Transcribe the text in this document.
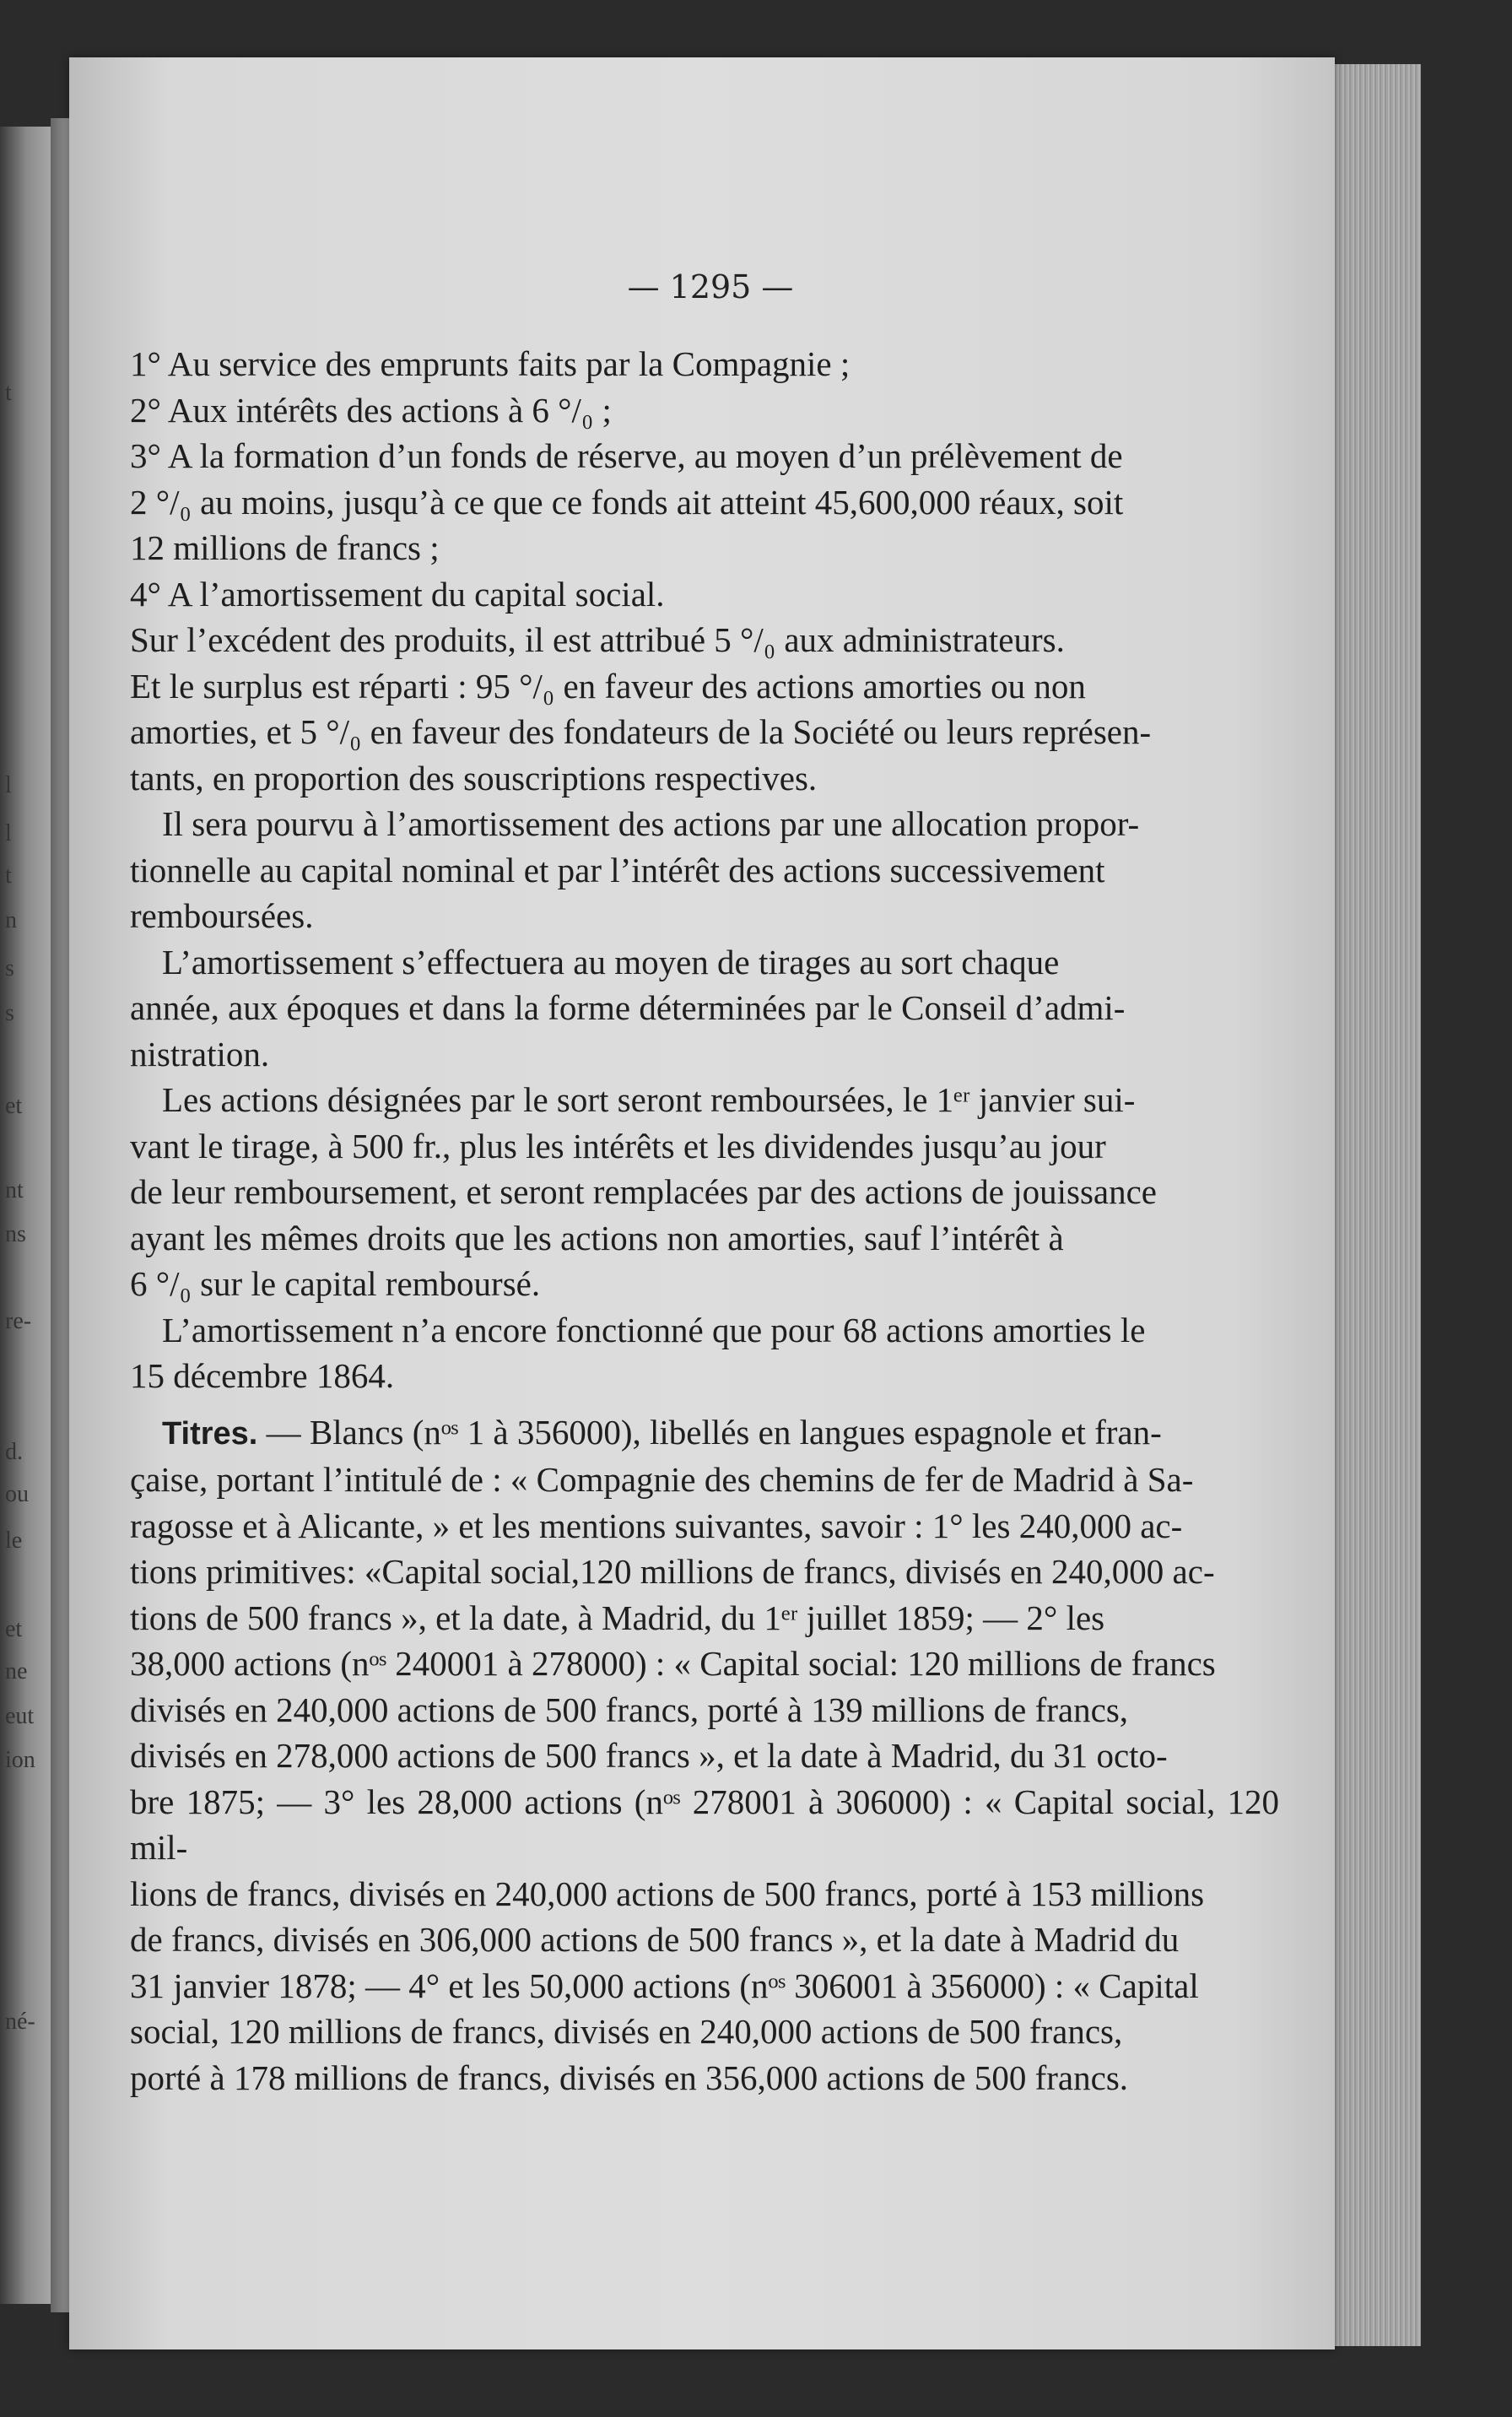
t
l
l
t
n
s
s
et
nt
ns
re-
d.
ou
le
et
ne
eut
ion
né-
— 1295 —

1° Au service des emprunts faits par la Compagnie ;

2° Aux intérêts des actions à 6 °/₀ ;

3° A la formation d’un fonds de réserve, au moyen d’un prélèvement de

2 °/₀ au moins, jusqu’à ce que ce fonds ait atteint 45,600,000 réaux, soit

12 millions de francs ;

4° A l’amortissement du capital social.

Sur l’excédent des produits, il est attribué 5 °/₀ aux administrateurs.

Et le surplus est réparti : 95 °/₀ en faveur des actions amorties ou non

amorties, et 5 °/₀ en faveur des fondateurs de la Société ou leurs représen-

tants, en proportion des souscriptions respectives.

Il sera pourvu à l’amortissement des actions par une allocation propor-

tionnelle au capital nominal et par l’intérêt des actions successivement

remboursées.

L’amortissement s’effectuera au moyen de tirages au sort chaque

année, aux époques et dans la forme déterminées par le Conseil d’admi-

nistration.

Les actions désignées par le sort seront remboursées, le 1ᵉʳ janvier sui-

vant le tirage, à 500 fr., plus les intérêts et les dividendes jusqu’au jour

de leur remboursement, et seront remplacées par des actions de jouissance

ayant les mêmes droits que les actions non amorties, sauf l’intérêt à

6 °/₀ sur le capital remboursé.

L’amortissement n’a encore fonctionné que pour 68 actions amorties le

15 décembre 1864.

Titres. — Blancs (nᵒˢ 1 à 356000), libellés en langues espagnole et fran-

çaise, portant l’intitulé de : « Compagnie des chemins de fer de Madrid à Sa-

ragosse et à Alicante, » et les mentions suivantes, savoir : 1° les 240,000 ac-

tions primitives: «Capital social,120 millions de francs, divisés en 240,000 ac-

tions de 500 francs », et la date, à Madrid, du 1ᵉʳ juillet 1859; — 2° les

38,000 actions (nᵒˢ 240001 à 278000) : « Capital social: 120 millions de francs

divisés en 240,000 actions de 500 francs, porté à 139 millions de francs,

divisés en 278,000 actions de 500 francs », et la date à Madrid, du 31 octo-

bre 1875; — 3° les 28,000 actions (nᵒˢ 278001 à 306000) : « Capital social, 120 mil-

lions de francs, divisés en 240,000 actions de 500 francs, porté à 153 millions

de francs, divisés en 306,000 actions de 500 francs », et la date à Madrid du

31 janvier 1878; — 4° et les 50,000 actions (nᵒˢ 306001 à 356000) : « Capital

social, 120 millions de francs, divisés en 240,000 actions de 500 francs,

porté à 178 millions de francs, divisés en 356,000 actions de 500 francs.
